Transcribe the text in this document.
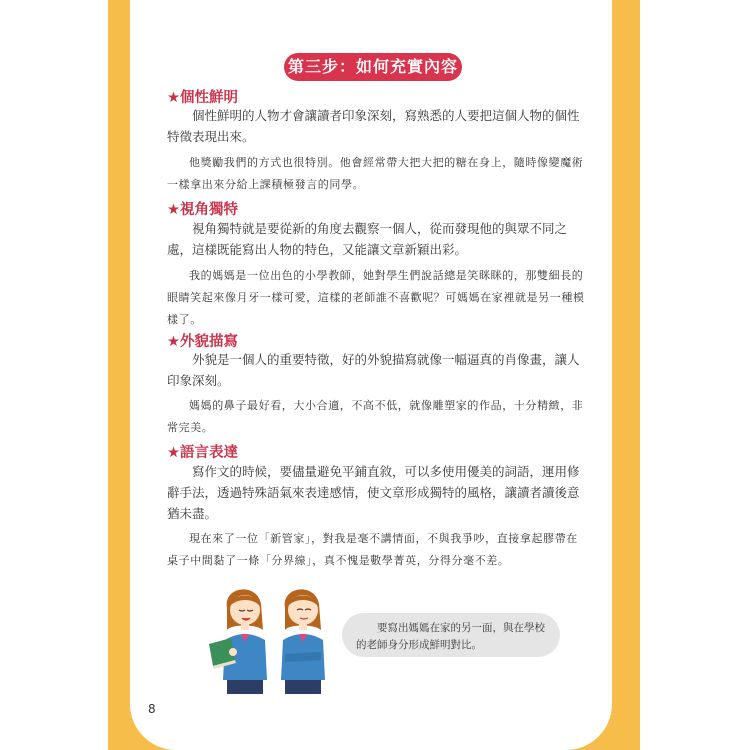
第三步：如何充實內容
★個性鮮明
個性鮮明的人物才會讓讀者印象深刻，寫熟悉的人要把這個人物的個性特徵表現出來。
他獎勵我們的方式也很特別。他會經常帶大把大把的糖在身上，隨時像變魔術一樣拿出來分給上課積極發言的同學。
★視角獨特
視角獨特就是要從新的角度去觀察一個人，從而發現他的與眾不同之處，這樣既能寫出人物的特色，又能讓文章新穎出彩。
我的媽媽是一位出色的小學教師，她對學生們說話總是笑眯眯的，那雙細長的眼睛笑起來像月牙一樣可愛，這樣的老師誰不喜歡呢？可媽媽在家裡就是另一種模樣了。
★外貌描寫
外貌是一個人的重要特徵，好的外貌描寫就像一幅逼真的肖像畫，讓人印象深刻。
媽媽的鼻子最好看，大小合適，不高不低，就像雕塑家的作品，十分精緻，非常完美。
★語言表達
寫作文的時候，要儘量避免平鋪直敘，可以多使用優美的詞語，運用修辭手法，透過特殊語氣來表達感情，使文章形成獨特的風格，讓讀者讀後意猶未盡。
現在來了一位「新管家」，對我是毫不講情面，不與我爭吵，直接拿起膠帶在桌子中間黏了一條「分界線」，真不愧是數學菁英，分得分毫不差。
要寫出媽媽在家的另一面，與在學校的老師身分形成鮮明對比。
8
